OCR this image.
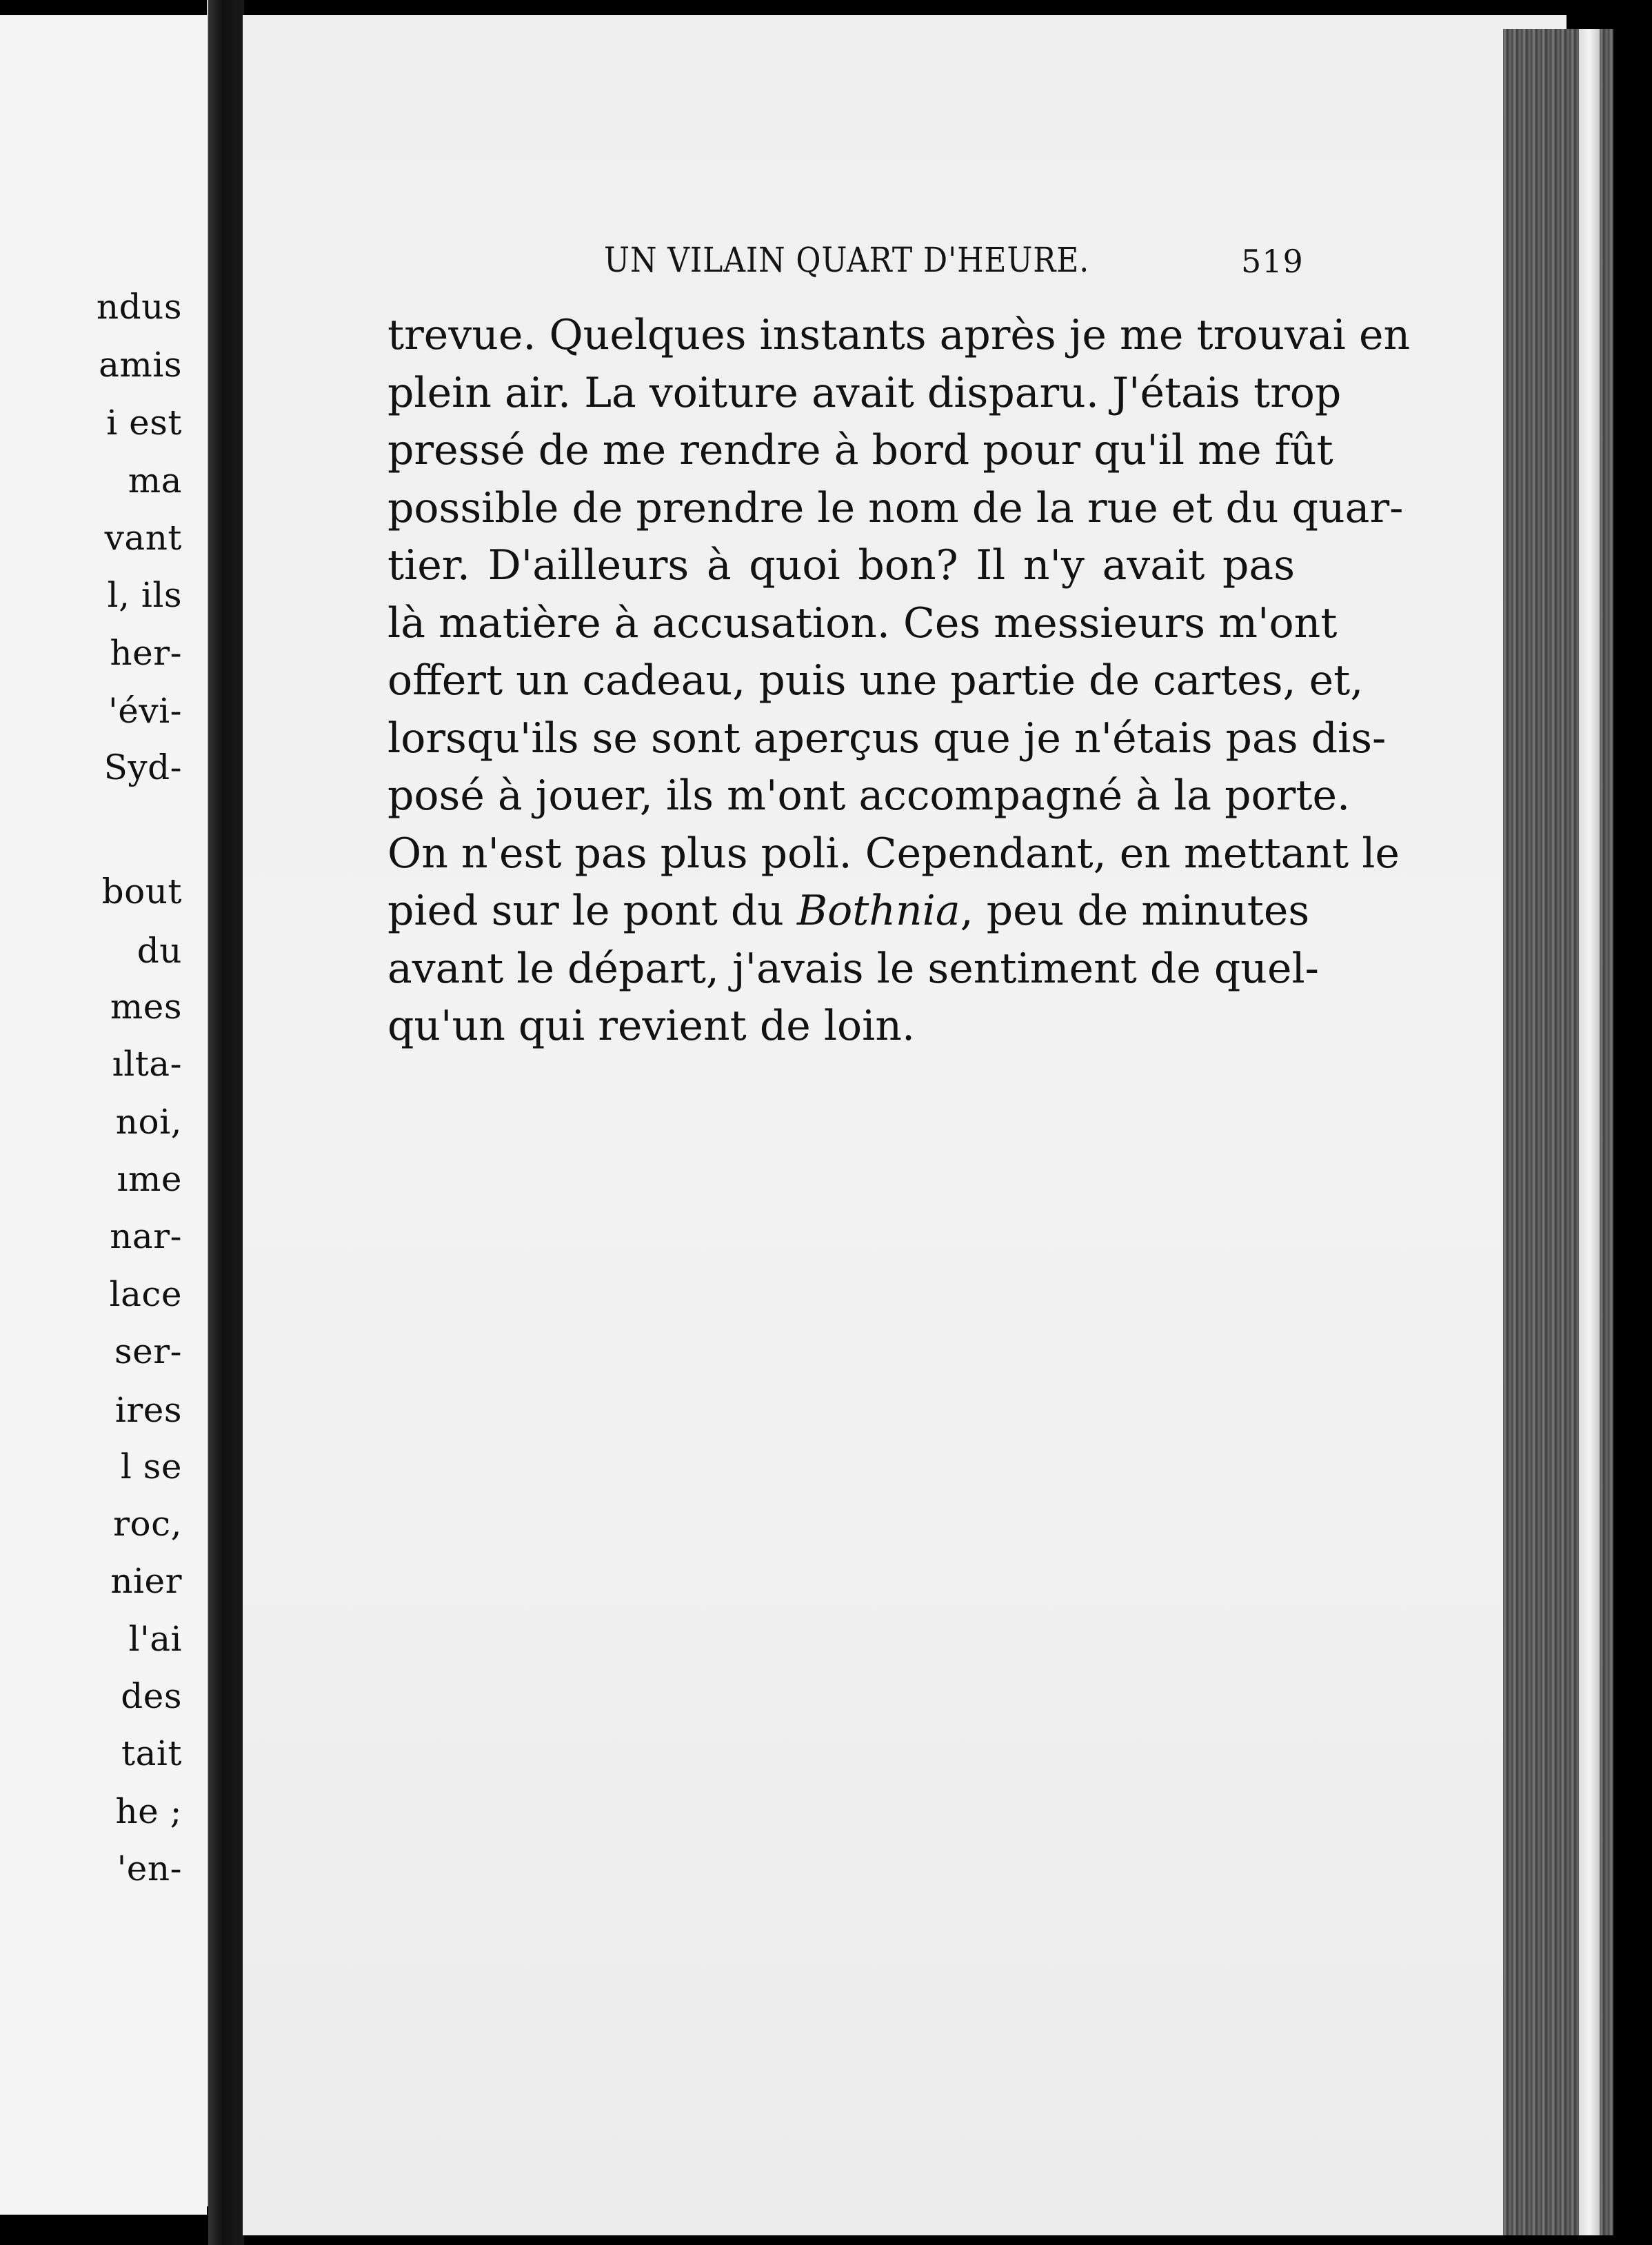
ndus
amis
i est
ma
vant
l, ils
her-
'évi-
Syd-
bout
du
mes
ılta-
noi,
ıme
nar-
lace
ser-
ires
l se
roc,
nier
l'ai
des
tait
he ;
'en-
UN VILAIN QUART D'HEURE.	519
trevue. Quelques instants après je me trouvai en
plein air. La voiture avait disparu. J'étais trop
pressé de me rendre à bord pour qu'il me fût
possible de prendre le nom de la rue et du quar-
tier. D'ailleurs à quoi bon? Il n'y avait pas
là matière à accusation. Ces messieurs m'ont
offert un cadeau, puis une partie de cartes, et,
lorsqu'ils se sont aperçus que je n'étais pas dis-
posé à jouer, ils m'ont accompagné à la porte.
On n'est pas plus poli. Cependant, en mettant le
pied sur le pont du Bothnia, peu de minutes
avant le départ, j'avais le sentiment de quel-
qu'un qui revient de loin.
